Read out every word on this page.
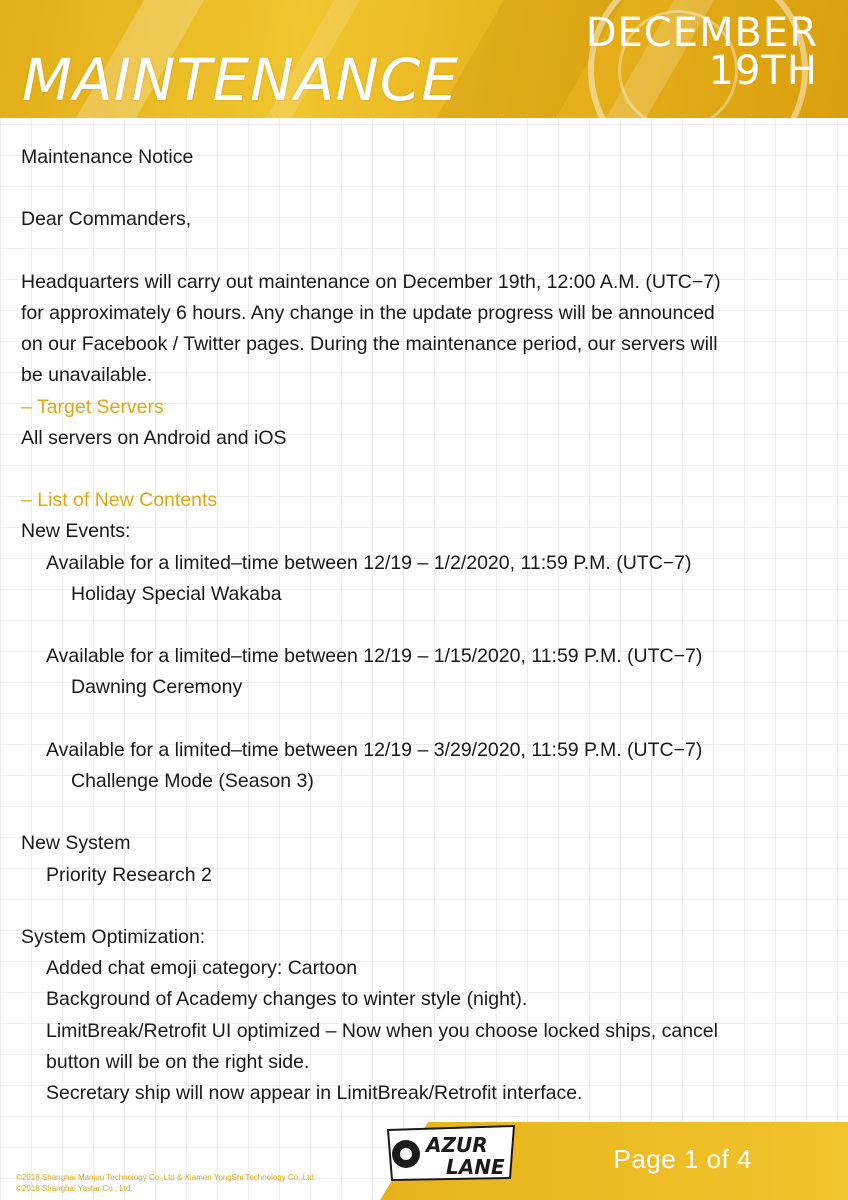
MAINTENANCE
DECEMBER
19TH
Maintenance Notice
Dear Commanders,
Headquarters will carry out maintenance on December 19th, 12:00 A.M. (UTC−7)
for approximately 6 hours. Any change in the update progress will be announced
on our Facebook / Twitter pages. During the maintenance period, our servers will
be unavailable.
– Target Servers
All servers on Android and iOS
– List of New Contents
New Events:
Available for a limited–time between 12/19 – 1/2/2020, 11:59 P.M. (UTC−7)
Holiday Special Wakaba
Available for a limited–time between 12/19 – 1/15/2020, 11:59 P.M. (UTC−7)
Dawning Ceremony
Available for a limited–time between 12/19 – 3/29/2020, 11:59 P.M. (UTC−7)
Challenge Mode (Season 3)
New System
Priority Research 2
System Optimization:
Added chat emoji category: Cartoon
Background of Academy changes to winter style (night).
LimitBreak/Retrofit UI optimized – Now when you choose locked ships, cancel
button will be on the right side.
Secretary ship will now appear in LimitBreak/Retrofit interface.
AZUR
LANE	Page 1 of 4
©2018 Shanghai Manjuu Technology Co.,Ltd & Xiamen YongShi Technology Co.,Ltd.
©2018 Shanghai Yostar Co., Ltd.
